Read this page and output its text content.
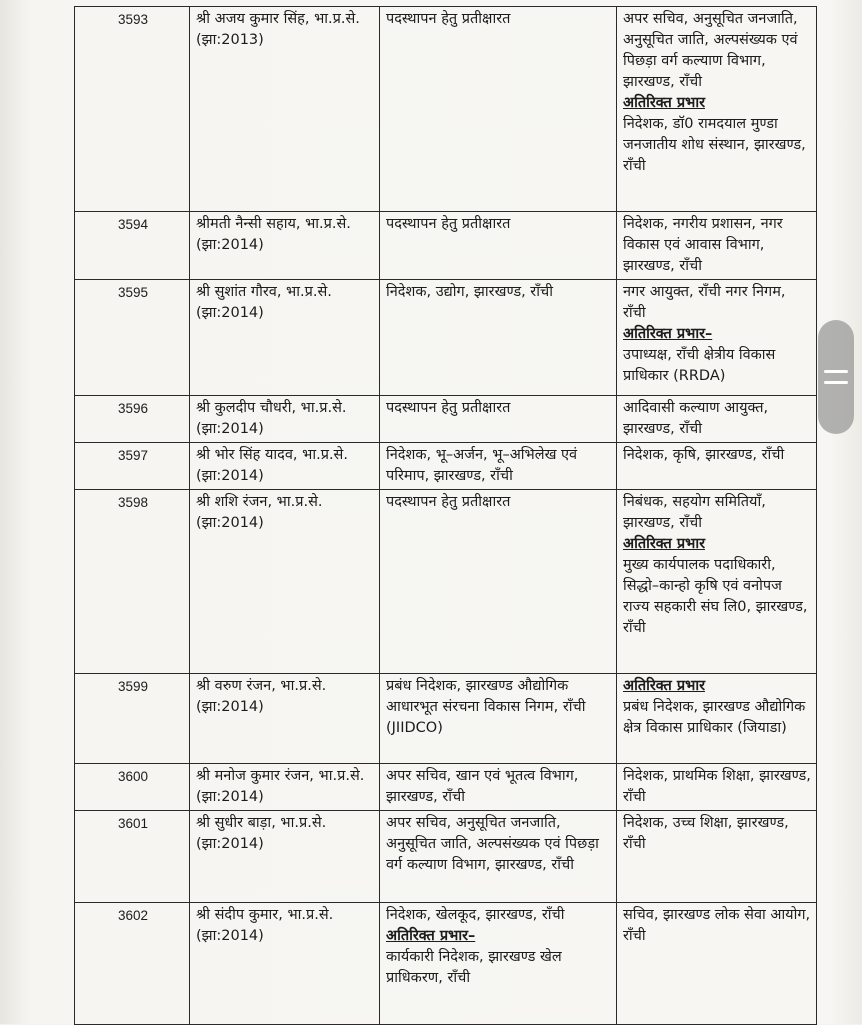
3593	श्री अजय कुमार सिंह, भा.प्र.से. (झा:2013)	पदस्थापन हेतु प्रतीक्षारत	अपर सचिव, अनुसूचित जनजाति, अनुसूचित जाति, अल्पसंख्यक एवं पिछड़ा वर्ग कल्याण विभाग, झारखण्ड, राँची
अतिरिक्त प्रभार
निदेशक, डॉ0 रामदयाल मुण्डा जनजातीय शोध संस्थान, झारखण्ड, राँची

3594	श्रीमती नैन्सी सहाय, भा.प्र.से. (झा:2014)	पदस्थापन हेतु प्रतीक्षारत	निदेशक, नगरीय प्रशासन, नगर विकास एवं आवास विभाग, झारखण्ड, राँची

3595	श्री सुशांत गौरव, भा.प्र.से. (झा:2014)	निदेशक, उद्योग, झारखण्ड, राँची	नगर आयुक्त, राँची नगर निगम, राँची
अतिरिक्त प्रभार–
उपाध्यक्ष, राँची क्षेत्रीय विकास प्राधिकार (RRDA)

3596	श्री कुलदीप चौधरी, भा.प्र.से. (झा:2014)	पदस्थापन हेतु प्रतीक्षारत	आदिवासी कल्याण आयुक्त, झारखण्ड, राँची

3597	श्री भोर सिंह यादव, भा.प्र.से. (झा:2014)	निदेशक, भू–अर्जन, भू–अभिलेख एवं परिमाप, झारखण्ड, राँची	निदेशक, कृषि, झारखण्ड, राँची

3598	श्री शशि रंजन, भा.प्र.से. (झा:2014)	पदस्थापन हेतु प्रतीक्षारत	निबंधक, सहयोग समितियाँ, झारखण्ड, राँची
अतिरिक्त प्रभार
मुख्य कार्यपालक पदाधिकारी, सिद्धो–कान्हो कृषि एवं वनोपज राज्य सहकारी संघ लि0, झारखण्ड, राँची

3599	श्री वरुण रंजन, भा.प्र.से. (झा:2014)	प्रबंध निदेशक, झारखण्ड औद्योगिक आधारभूत संरचना विकास निगम, राँची (JIIDCO)	अतिरिक्त प्रभार
प्रबंध निदेशक, झारखण्ड औद्योगिक क्षेत्र विकास प्राधिकार (जियाडा)

3600	श्री मनोज कुमार रंजन, भा.प्र.से. (झा:2014)	अपर सचिव, खान एवं भूतत्व विभाग, झारखण्ड, राँची	निदेशक, प्राथमिक शिक्षा, झारखण्ड, राँची

3601	श्री सुधीर बाड़ा, भा.प्र.से. (झा:2014)	अपर सचिव, अनुसूचित जनजाति, अनुसूचित जाति, अल्पसंख्यक एवं पिछड़ा वर्ग कल्याण विभाग, झारखण्ड, राँची	निदेशक, उच्च शिक्षा, झारखण्ड, राँची

3602	श्री संदीप कुमार, भा.प्र.से. (झा:2014)	निदेशक, खेलकूद, झारखण्ड, राँची
अतिरिक्त प्रभार–
कार्यकारी निदेशक, झारखण्ड खेल प्राधिकरण, राँची	सचिव, झारखण्ड लोक सेवा आयोग, राँची
